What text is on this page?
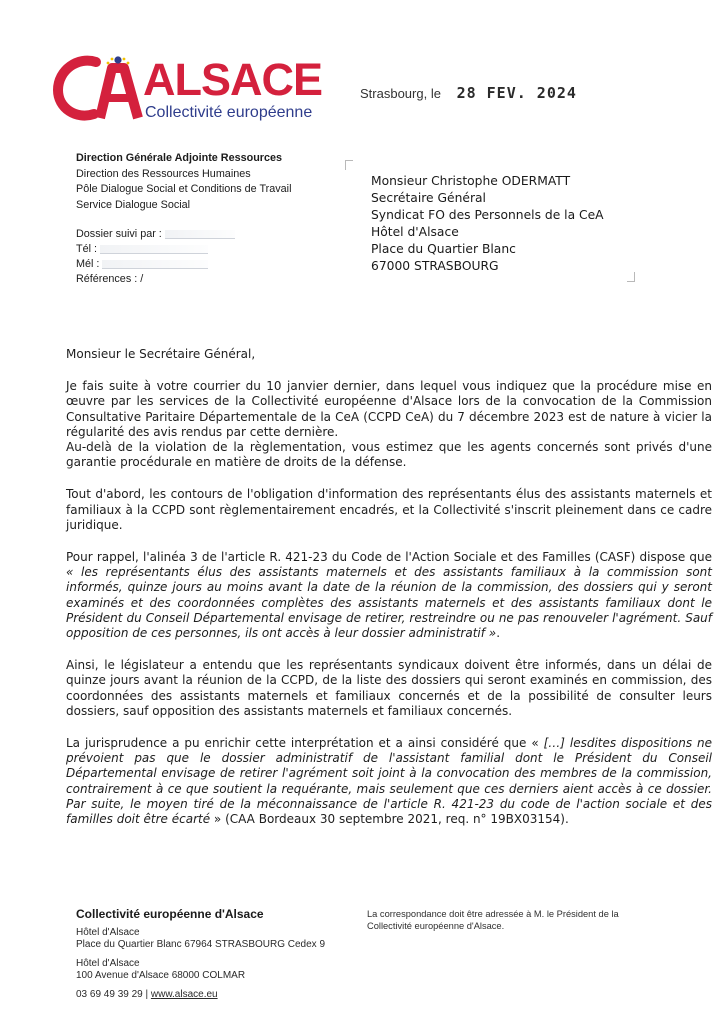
ALSACE
Collectivité européenne
Strasbourg, le 28 FEV. 2024
Direction Générale Adjointe Ressources
Direction des Ressources Humaines
Pôle Dialogue Social et Conditions de Travail
Service Dialogue Social
Dossier suivi par :
Tél :
Mél :
Références : /
Monsieur Christophe ODERMATT
Secrétaire Général
Syndicat FO des Personnels de la CeA
Hôtel d'Alsace
Place du Quartier Blanc
67000 STRASBOURG
Monsieur le Secrétaire Général,

Je fais suite à votre courrier du 10 janvier dernier, dans lequel vous indiquez que la procédure mise en œuvre par les services de la Collectivité européenne d'Alsace lors de la convocation de la Commission Consultative Paritaire Départementale de la CeA (CCPD CeA) du 7 décembre 2023 est de nature à vicier la régularité des avis rendus par cette dernière.
Au-delà de la violation de la règlementation, vous estimez que les agents concernés sont privés d'une garantie procédurale en matière de droits de la défense.

Tout d'abord, les contours de l'obligation d'information des représentants élus des assistants maternels et familiaux à la CCPD sont règlementairement encadrés, et la Collectivité s'inscrit pleinement dans ce cadre juridique.

Pour rappel, l'alinéa 3 de l'article R. 421-23 du Code de l'Action Sociale et des Familles (CASF) dispose que « les représentants élus des assistants maternels et des assistants familiaux à la commission sont informés, quinze jours au moins avant la date de la réunion de la commission, des dossiers qui y seront examinés et des coordonnées complètes des assistants maternels et des assistants familiaux dont le Président du Conseil Départemental envisage de retirer, restreindre ou ne pas renouveler l'agrément. Sauf opposition de ces personnes, ils ont accès à leur dossier administratif ».

Ainsi, le législateur a entendu que les représentants syndicaux doivent être informés, dans un délai de quinze jours avant la réunion de la CCPD, de la liste des dossiers qui seront examinés en commission, des coordonnées des assistants maternels et familiaux concernés et de la possibilité de consulter leurs dossiers, sauf opposition des assistants maternels et familiaux concernés.

La jurisprudence a pu enrichir cette interprétation et a ainsi considéré que « […] lesdites dispositions ne prévoient pas que le dossier administratif de l'assistant familial dont le Président du Conseil Départemental envisage de retirer l'agrément soit joint à la convocation des membres de la commission, contrairement à ce que soutient la requérante, mais seulement que ces derniers aient accès à ce dossier. Par suite, le moyen tiré de la méconnaissance de l'article R. 421-23 du code de l'action sociale et des familles doit être écarté » (CAA Bordeaux 30 septembre 2021, req. n° 19BX03154).

Collectivité européenne d'Alsace
Hôtel d'Alsace
Place du Quartier Blanc 67964 STRASBOURG Cedex 9
Hôtel d'Alsace
100 Avenue d'Alsace 68000 COLMAR
03 69 49 39 29 | www.alsace.eu
La correspondance doit être adressée à M. le Président de la Collectivité européenne d'Alsace.
